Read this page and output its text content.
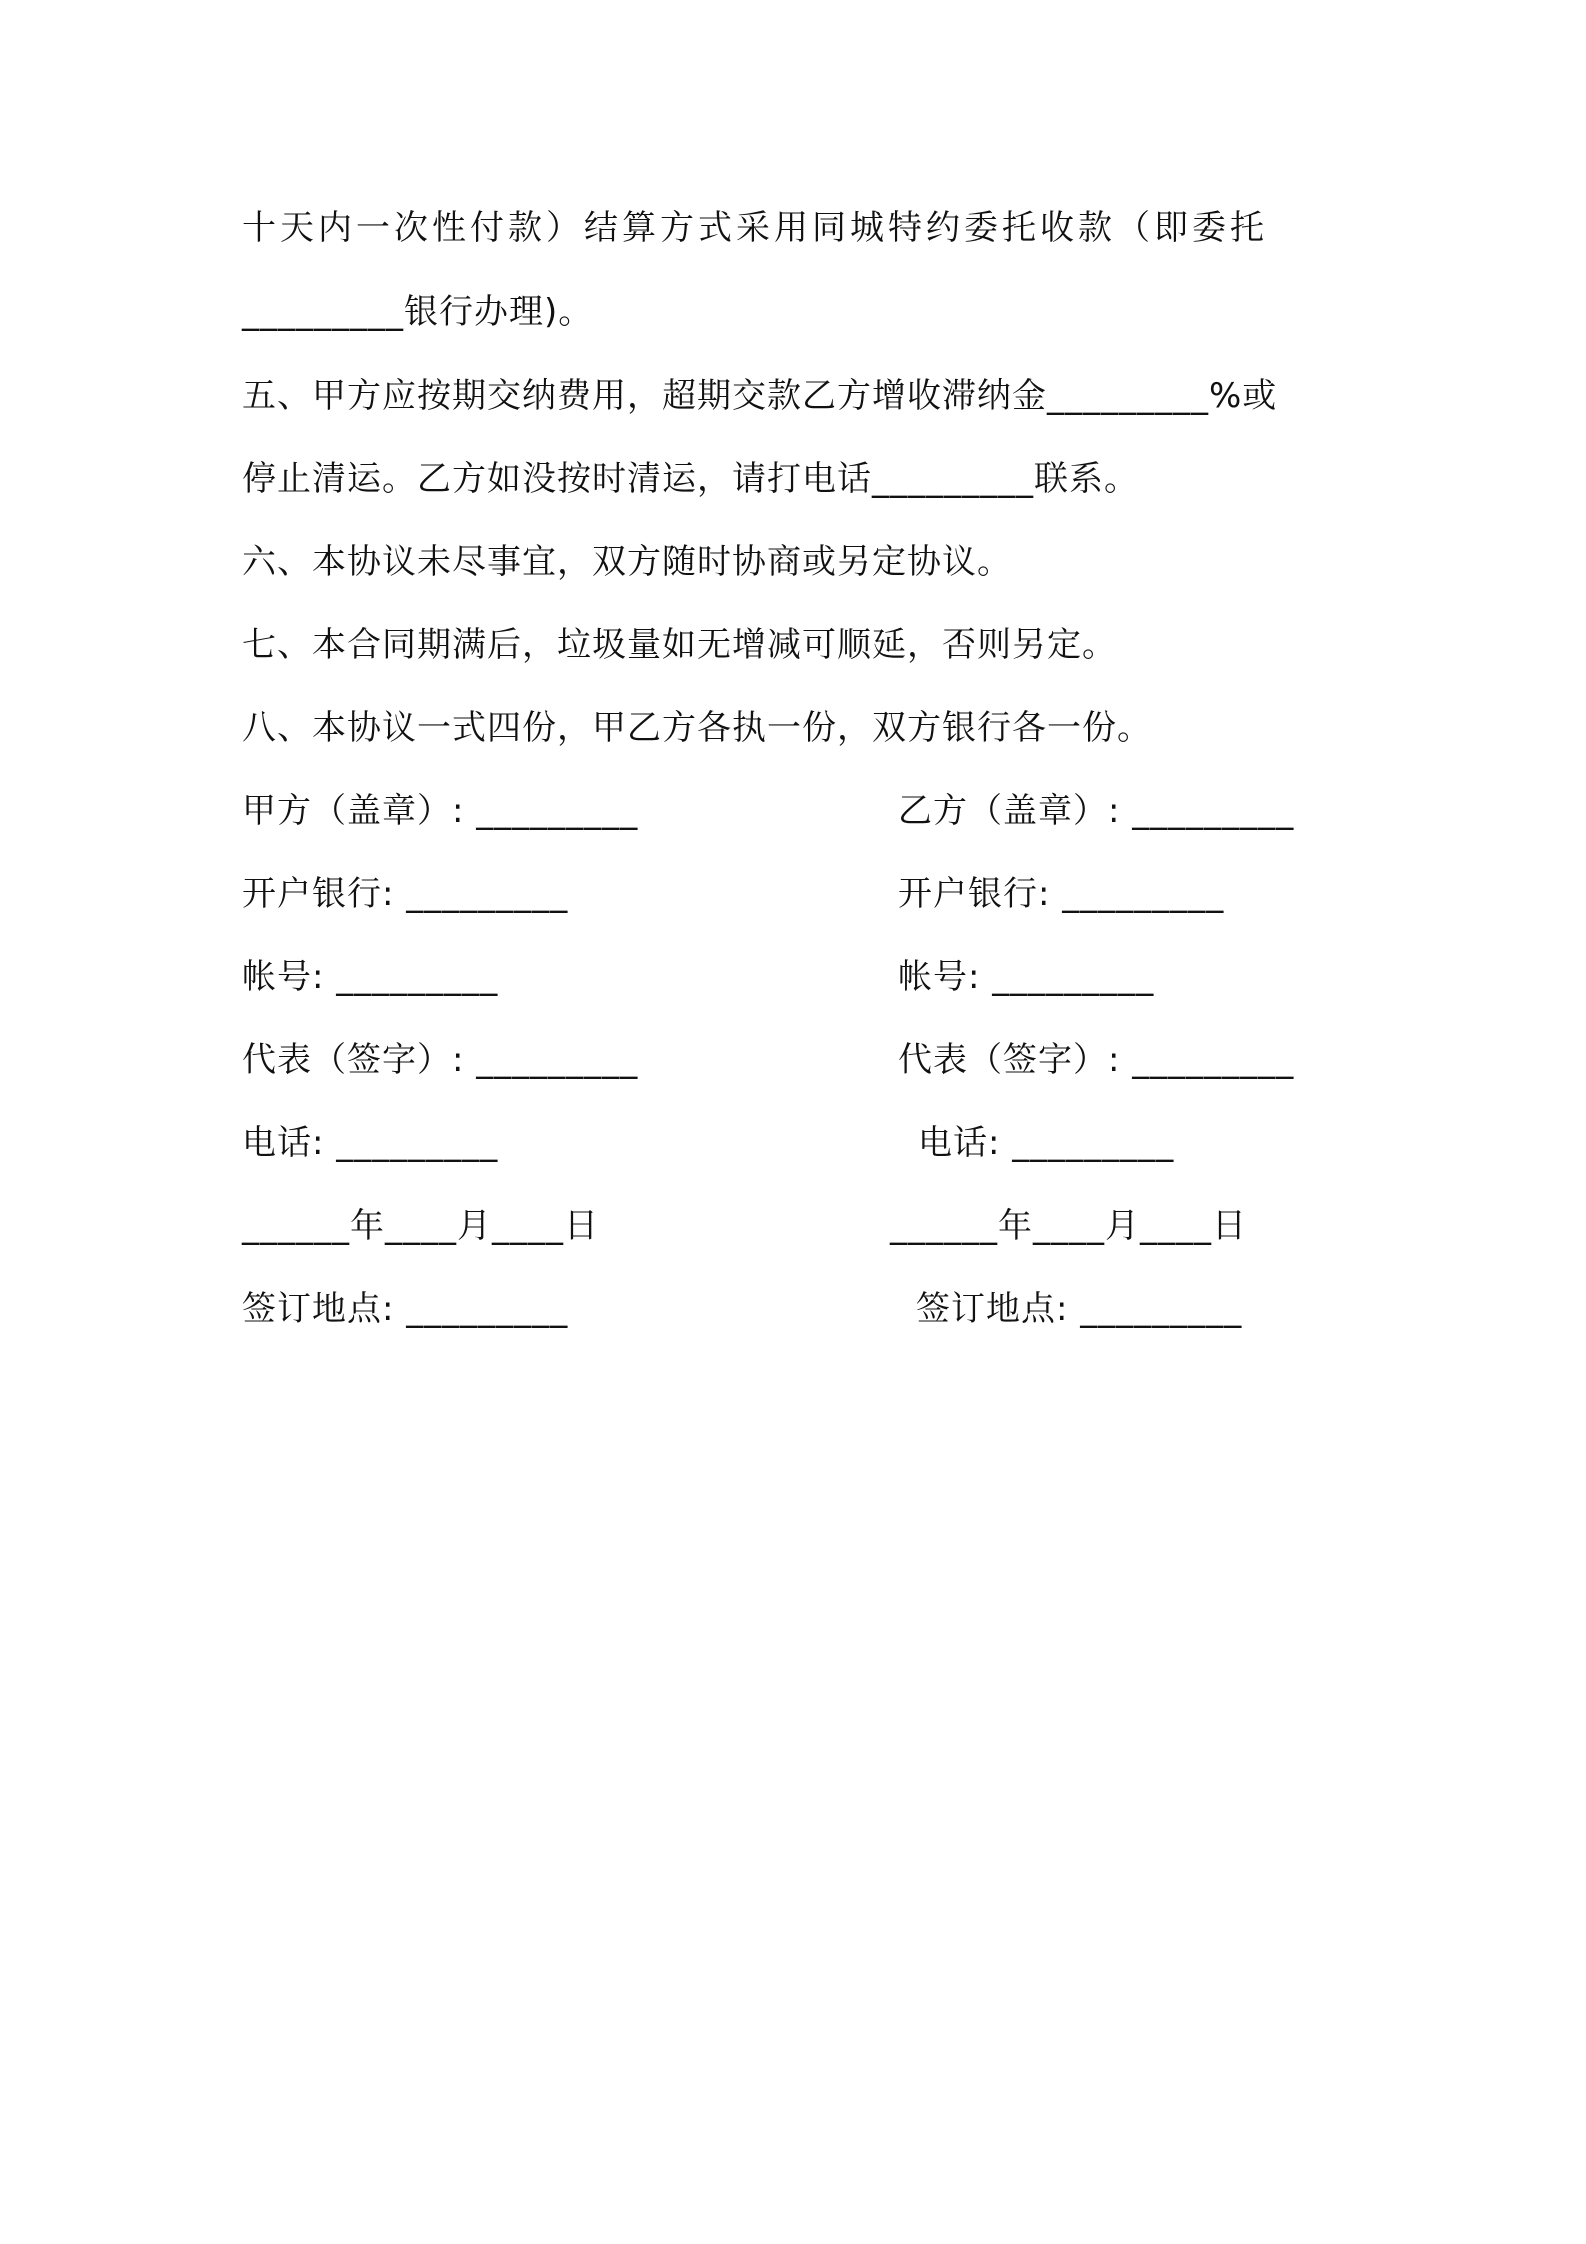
十天内一次性付款）结算方式采用同城特约委托收款（即委托
_________银行办理)。
五、甲方应按期交纳费用，超期交款乙方增收滞纳金_________%或
停止清运。乙方如没按时清运，请打电话_________联系。
六、本协议未尽事宜，双方随时协商或另定协议。
七、本合同期满后，垃圾量如无增减可顺延，否则另定。
八、本协议一式四份，甲乙方各执一份，双方银行各一份。
甲方（盖章）: _________
开户银行: _________
帐号: _________
代表（签字）: _________
电话: _________
______年____月____日
签订地点: _________
乙方（盖章）: _________
开户银行: _________
帐号: _________
代表（签字）: _________
电话: _________
______年____月____日
签订地点: _________
